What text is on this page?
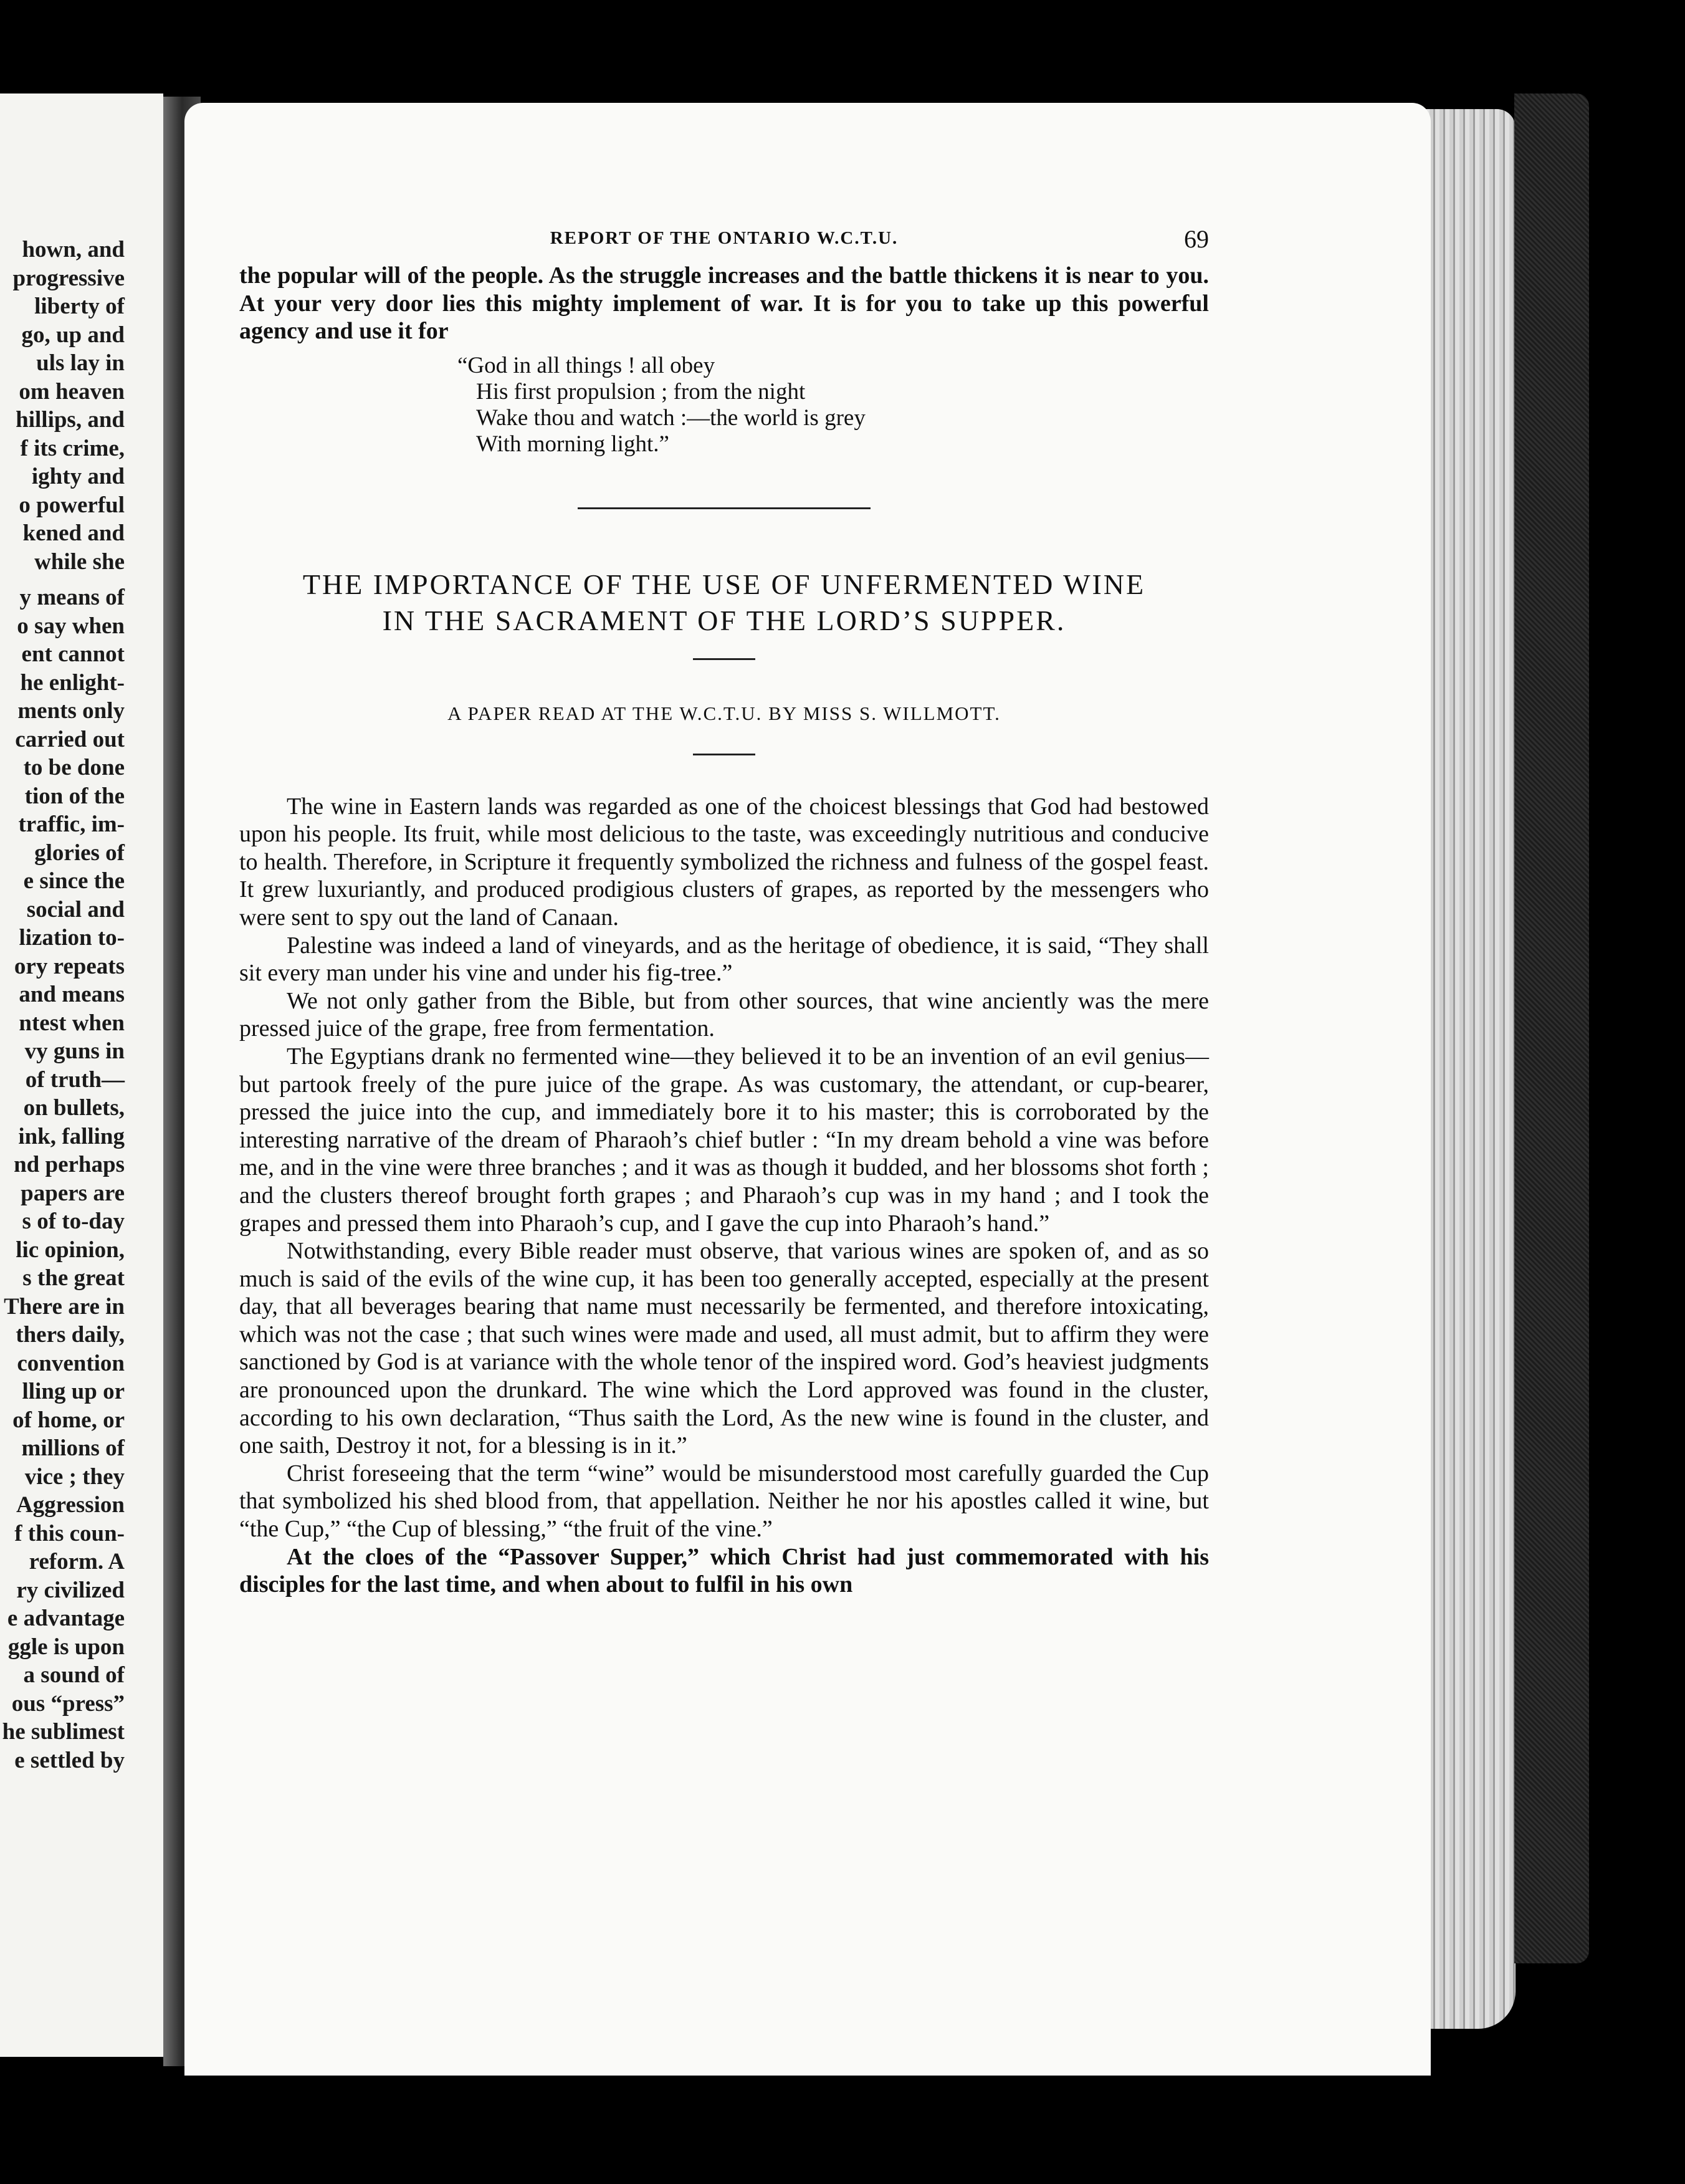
hown, and
progressive
liberty of
go, up and
uls lay in
om heaven
hillips, and
f its crime,
ighty and
o powerful
kened and
while she
y means of
o say when
ent cannot
he enlight-
ments only
carried out
to be done
tion of the
traffic, im-
glories of
e since the
social and
lization to-
ory repeats
and means
ntest when
vy guns in
of truth—
on bullets,
ink, falling
nd perhaps
papers are
s of to-day
lic opinion,
s the great
There are in
thers daily,
convention
lling up or
of home, or
millions of
vice ; they
Aggression
f this coun-
reform. A
ry civilized
e advantage
ggle is upon
a sound of
ous “press”
he sublimest
e settled by
REPORT OF THE ONTARIO W.C.T.U.	69

the popular will of the people. As the struggle increases and the battle thickens it is near to you. At your very door lies this mighty implement of war. It is for you to take up this powerful agency and use it for

“God in all things ! all obey
His first propulsion ; from the night
Wake thou and watch :—the world is grey
With morning light.”
THE IMPORTANCE OF THE USE OF UNFERMENTED WINE
IN THE SACRAMENT OF THE LORD’S SUPPER.
A PAPER READ AT THE W.C.T.U. BY MISS S. WILLMOTT.

The wine in Eastern lands was regarded as one of the choicest blessings that God had bestowed upon his people. Its fruit, while most delicious to the taste, was exceedingly nutritious and conducive to health. Therefore, in Scripture it frequently symbolized the richness and fulness of the gospel feast. It grew luxuriantly, and produced prodigious clusters of grapes, as reported by the messengers who were sent to spy out the land of Canaan.

Palestine was indeed a land of vineyards, and as the heritage of obedience, it is said, “They shall sit every man under his vine and under his fig-tree.”

We not only gather from the Bible, but from other sources, that wine anciently was the mere pressed juice of the grape, free from fermentation.

The Egyptians drank no fermented wine—they believed it to be an invention of an evil genius—but partook freely of the pure juice of the grape. As was customary, the attendant, or cup-bearer, pressed the juice into the cup, and immediately bore it to his master; this is corroborated by the interesting narrative of the dream of Pharaoh’s chief butler : “In my dream behold a vine was before me, and in the vine were three branches ; and it was as though it budded, and her blossoms shot forth ; and the clusters thereof brought forth grapes ; and Pharaoh’s cup was in my hand ; and I took the grapes and pressed them into Pharaoh’s cup, and I gave the cup into Pharaoh’s hand.”

Notwithstanding, every Bible reader must observe, that various wines are spoken of, and as so much is said of the evils of the wine cup, it has been too generally accepted, especially at the present day, that all beverages bearing that name must necessarily be fermented, and therefore intoxicating, which was not the case ; that such wines were made and used, all must admit, but to affirm they were sanctioned by God is at variance with the whole tenor of the inspired word. God’s heaviest judgments are pronounced upon the drunkard. The wine which the Lord approved was found in the cluster, according to his own declaration, “Thus saith the Lord, As the new wine is found in the cluster, and one saith, Destroy it not, for a blessing is in it.”

Christ foreseeing that the term “wine” would be misunderstood most carefully guarded the Cup that symbolized his shed blood from, that appellation. Neither he nor his apostles called it wine, but “the Cup,” “the Cup of blessing,” “the fruit of the vine.”

At the cloes of the “Passover Supper,” which Christ had just commemorated with his disciples for the last time, and when about to fulfil in his own
